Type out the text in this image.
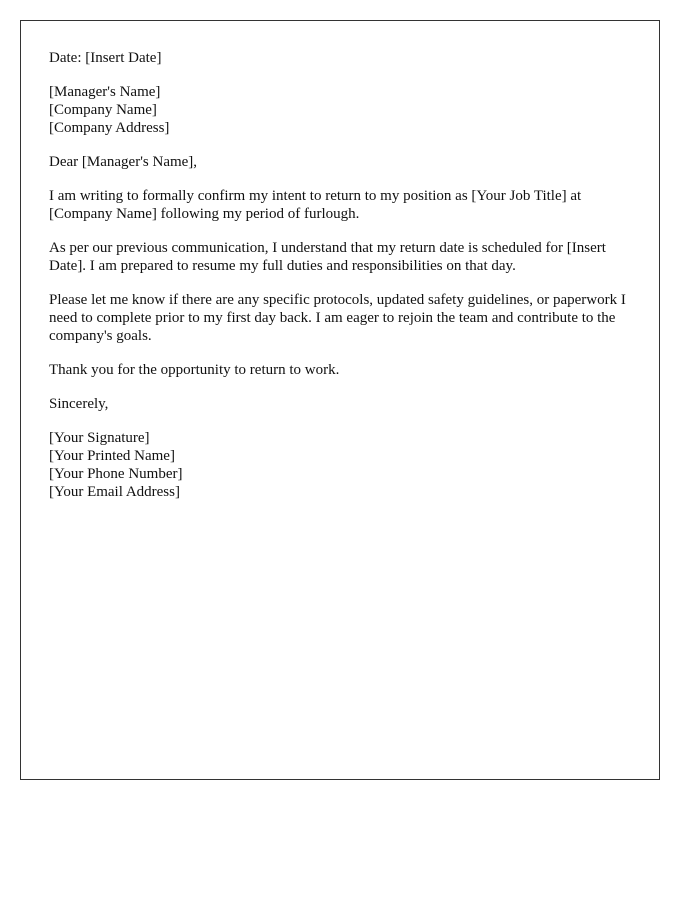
Date: [Insert Date]
[Manager's Name]
[Company Name]
[Company Address]
Dear [Manager's Name],

I am writing to formally confirm my intent to return to my position as [Your Job Title] at [Company Name] following my period of furlough.

As per our previous communication, I understand that my return date is scheduled for [Insert Date]. I am prepared to resume my full duties and responsibilities on that day.

Please let me know if there are any specific protocols, updated safety guidelines, or paperwork I need to complete prior to my first day back. I am eager to rejoin the team and contribute to the company's goals.

Thank you for the opportunity to return to work.

Sincerely,
[Your Signature]
[Your Printed Name]
[Your Phone Number]
[Your Email Address]
